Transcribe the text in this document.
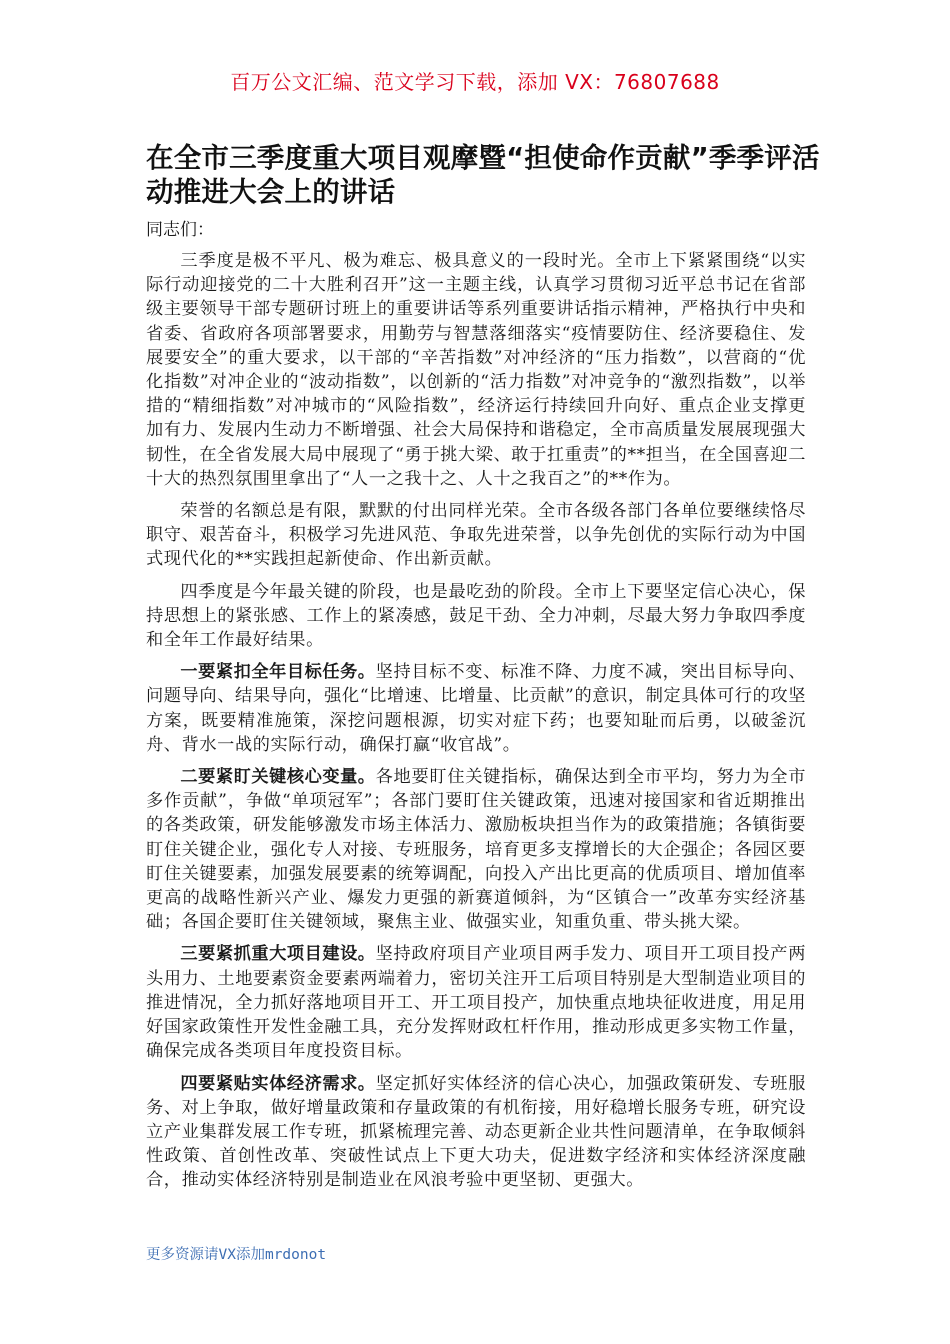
百万公文汇编、范文学习下载，添加 VX：76807688
在全市三季度重大项目观摩暨“担使命作贡献”季季评活动推进大会上的讲话
同志们：

三季度是极不平凡、极为难忘、极具意义的一段时光。全市上下紧紧围绕“以实际行动迎接党的二十大胜利召开”这一主题主线，认真学习贯彻习近平总书记在省部级主要领导干部专题研讨班上的重要讲话等系列重要讲话指示精神，严格执行中央和省委、省政府各项部署要求，用勤劳与智慧落细落实“疫情要防住、经济要稳住、发展要安全”的重大要求，以干部的“辛苦指数”对冲经济的“压力指数”，以营商的“优化指数”对冲企业的“波动指数”，以创新的“活力指数”对冲竞争的“激烈指数”，以举措的“精细指数”对冲城市的“风险指数”，经济运行持续回升向好、重点企业支撑更加有力、发展内生动力不断增强、社会大局保持和谐稳定，全市高质量发展展现强大韧性，在全省发展大局中展现了“勇于挑大梁、敢于扛重责”的**担当，在全国喜迎二十大的热烈氛围里拿出了“人一之我十之、人十之我百之”的**作为。

荣誉的名额总是有限，默默的付出同样光荣。全市各级各部门各单位要继续恪尽职守、艰苦奋斗，积极学习先进风范、争取先进荣誉，以争先创优的实际行动为中国式现代化的**实践担起新使命、作出新贡献。

四季度是今年最关键的阶段，也是最吃劲的阶段。全市上下要坚定信心决心，保持思想上的紧张感、工作上的紧凑感，鼓足干劲、全力冲刺，尽最大努力争取四季度和全年工作最好结果。

一要紧扣全年目标任务。坚持目标不变、标准不降、力度不减，突出目标导向、问题导向、结果导向，强化“比增速、比增量、比贡献”的意识，制定具体可行的攻坚方案，既要精准施策，深挖问题根源，切实对症下药；也要知耻而后勇，以破釜沉舟、背水一战的实际行动，确保打赢“收官战”。

二要紧盯关键核心变量。各地要盯住关键指标，确保达到全市平均，努力为全市多作贡献”，争做“单项冠军”；各部门要盯住关键政策，迅速对接国家和省近期推出的各类政策，研发能够激发市场主体活力、激励板块担当作为的政策措施；各镇街要盯住关键企业，强化专人对接、专班服务，培育更多支撑增长的大企强企；各园区要盯住关键要素，加强发展要素的统筹调配，向投入产出比更高的优质项目、增加值率更高的战略性新兴产业、爆发力更强的新赛道倾斜，为“区镇合一”改革夯实经济基础；各国企要盯住关键领域，聚焦主业、做强实业，知重负重、带头挑大梁。

三要紧抓重大项目建设。坚持政府项目产业项目两手发力、项目开工项目投产两头用力、土地要素资金要素两端着力，密切关注开工后项目特别是大型制造业项目的推进情况，全力抓好落地项目开工、开工项目投产，加快重点地块征收进度，用足用好国家政策性开发性金融工具，充分发挥财政杠杆作用，推动形成更多实物工作量，确保完成各类项目年度投资目标。

四要紧贴实体经济需求。坚定抓好实体经济的信心决心，加强政策研发、专班服务、对上争取，做好增量政策和存量政策的有机衔接，用好稳增长服务专班，研究设立产业集群发展工作专班，抓紧梳理完善、动态更新企业共性问题清单，在争取倾斜性政策、首创性改革、突破性试点上下更大功夫，促进数字经济和实体经济深度融合，推动实体经济特别是制造业在风浪考验中更坚韧、更强大。

更多资源请VX添加mrdonot
